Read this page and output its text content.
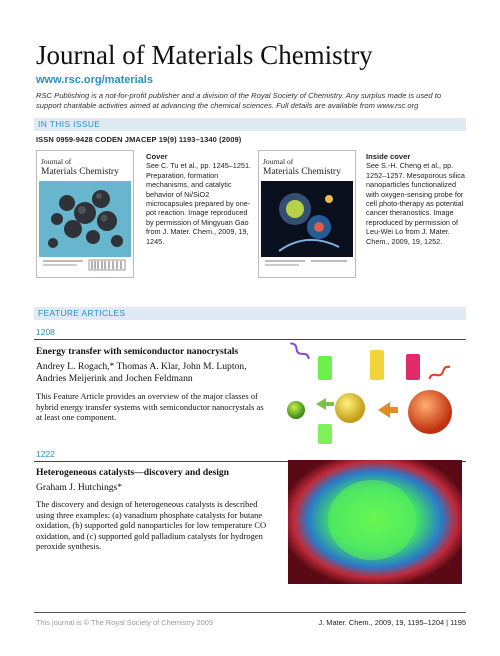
Journal of Materials Chemistry
www.rsc.org/materials
RSC Publishing is a not-for-profit publisher and a division of the Royal Society of Chemistry. Any surplus made is used to support charitable activities aimed at advancing the chemical sciences. Full details are available from www.rsc.org
IN THIS ISSUE
ISSN 0959-9428 CODEN JMACEP 19(9) 1193–1340 (2009)
Journal of
Materials Chemistry
Cover
See C. Tu et al., pp. 1245–1251. Preparation, formation mechanisms, and catalytic behavior of Ni/SiO2 microcapsules prepared by one-pot reaction. Image reproduced by permission of Mingyuan Gao from J. Mater. Chem., 2009, 19, 1245.
Journal of
Materials Chemistry
Inside cover
See S.-H. Cheng et al., pp. 1252–1257. Mesoporous silica nanoparticles functionalized with oxygen-sensing probe for cell photo-therapy as potential cancer theranostics. Image reproduced by permission of Leu-Wei Lo from J. Mater. Chem., 2009, 19, 1252.
FEATURE ARTICLES
1208
Energy transfer with semiconductor nanocrystals
Andrey L. Rogach,* Thomas A. Klar, John M. Lupton,
Andries Meijerink and Jochen Feldmann
This Feature Article provides an overview of the major classes of hybrid energy transfer systems with semiconductor nanocrystals as at least one component.
1222
Heterogeneous catalysts—discovery and design
Graham J. Hutchings*
The discovery and design of heterogeneous catalysts is described using three examples: (a) vanadium phosphate catalysts for butane oxidation, (b) supported gold nanoparticles for low temperature CO oxidation, and (c) supported gold palladium catalysts for hydrogen peroxide synthesis.
This journal is © The Royal Society of Chemistry 2009	J. Mater. Chem., 2009, 19, 1195–1204 | 1195
